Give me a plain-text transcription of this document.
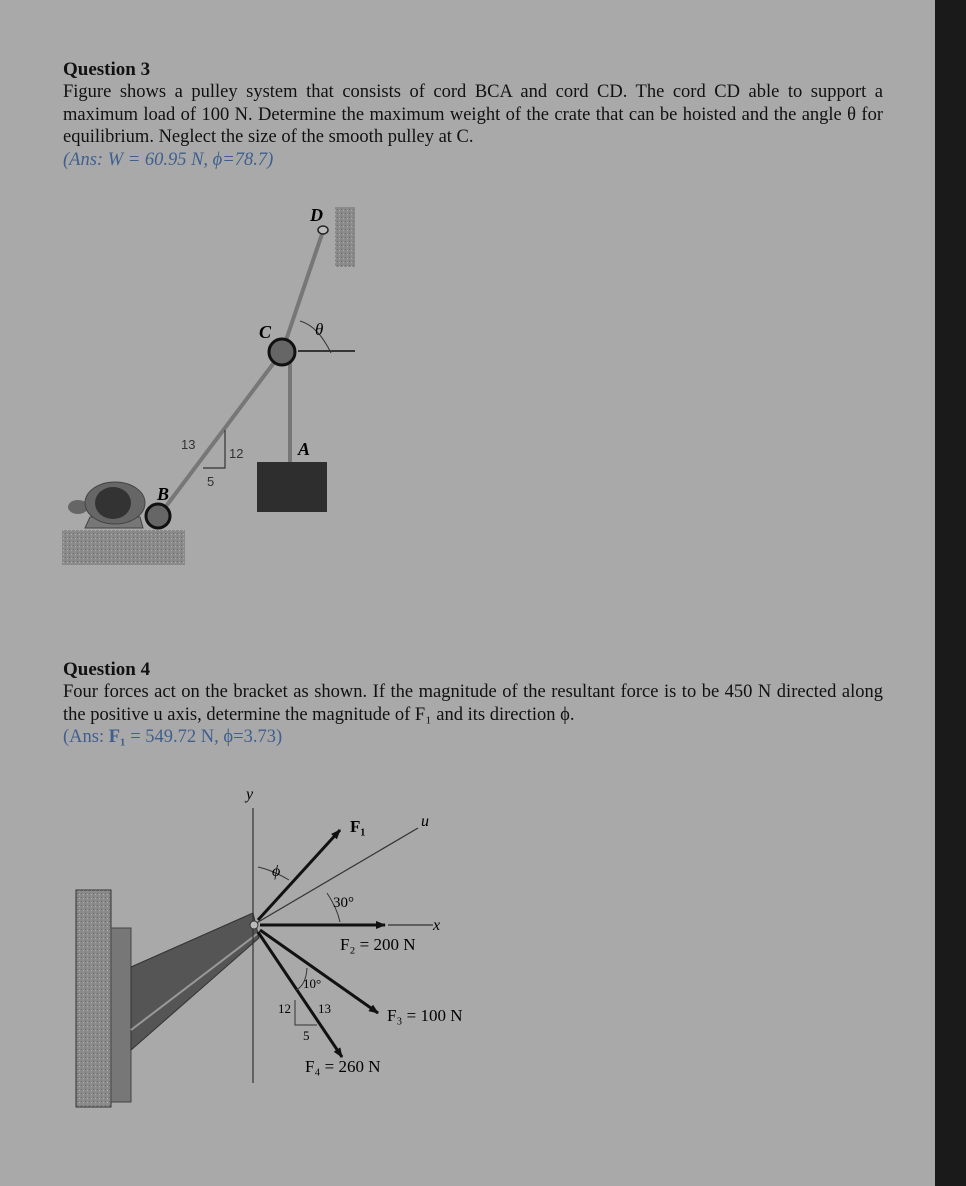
Question 3

Figure shows a pulley system that consists of cord BCA and cord CD. The cord CD able to support a maximum load of 100 N. Determine the maximum weight of the crate that can be hoisted and the angle θ for equilibrium. Neglect the size of the smooth pulley at C.

(Ans: W = 60.95 N, ϕ=78.7)

Question 4

Four forces act on the bracket as shown. If the magnitude of the resultant force is to be 450 N directed along the positive u axis, determine the magnitude of F₁ and its direction ϕ.

(Ans: F₁ = 549.72 N, ϕ=3.73)

D
C	θ
A
B
13
12
5
y
F₁	u
ϕ
30°
x
F₂ = 200 N
10°
12 13
5
F₃ = 100 N
F₄ = 260 N
